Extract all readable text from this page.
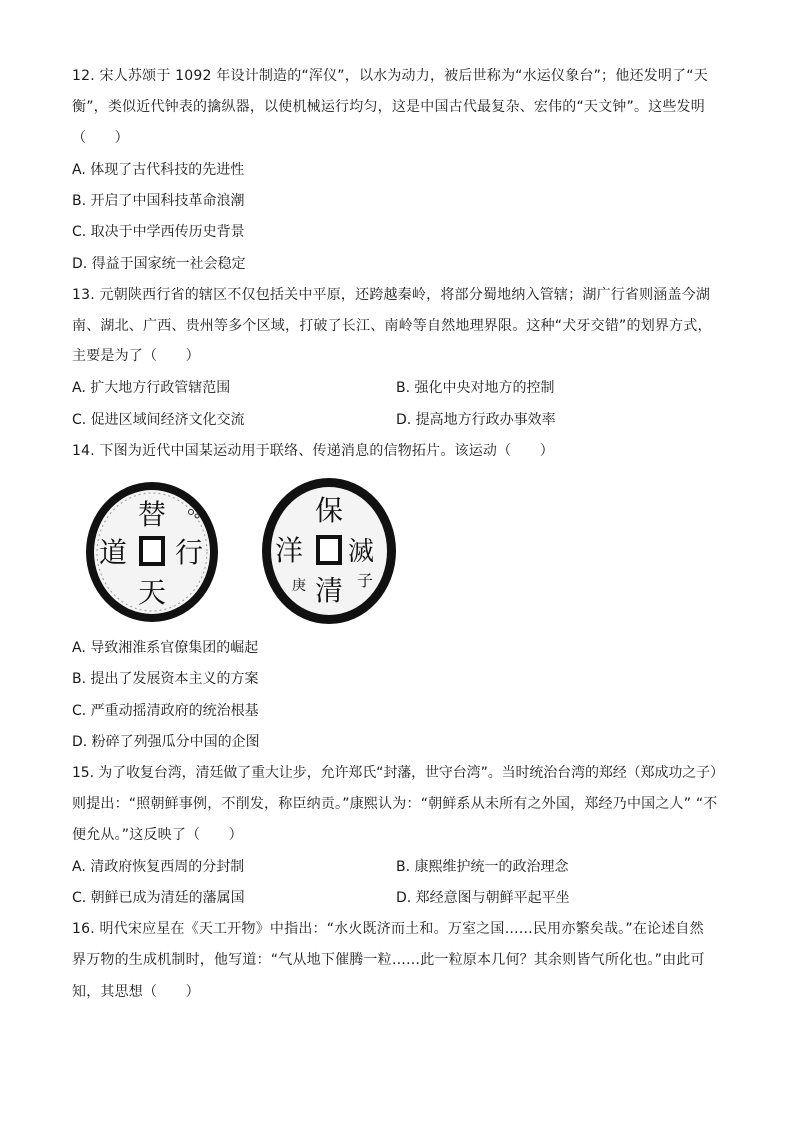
12. 宋人苏颂于 1092 年设计制造的“浑仪”，以水为动力，被后世称为“水运仪象台”；他还发明了“天
衡”，类似近代钟表的擒纵器，以使机械运行均匀，这是中国古代最复杂、宏伟的“天文钟”。这些发明
（　　）
A. 体现了古代科技的先进性
B. 开启了中国科技革命浪潮
C. 取决于中学西传历史背景
D. 得益于国家统一社会稳定
13. 元朝陕西行省的辖区不仅包括关中平原，还跨越秦岭，将部分蜀地纳入管辖；湖广行省则涵盖今湖
南、湖北、广西、贵州等多个区域，打破了长江、南岭等自然地理界限。这种“犬牙交错”的划界方式，
主要是为了（　　）
A. 扩大地方行政管辖范围	B. 强化中央对地方的控制
C. 促进区域间经济文化交流	D. 提高地方行政办事效率
14. 下图为近代中国某运动用于联络、传递消息的信物拓片。该运动（　　）
替
道 行
天
保
洋 滅
清
庚	子
A. 导致湘淮系官僚集团的崛起
B. 提出了发展资本主义的方案
C. 严重动摇清政府的统治根基
D. 粉碎了列强瓜分中国的企图
15. 为了收复台湾，清廷做了重大让步，允许郑氏“封藩，世守台湾”。当时统治台湾的郑经（郑成功之子）
则提出：“照朝鲜事例，不削发，称臣纳贡。”康熙认为：“朝鲜系从未所有之外国，郑经乃中国之人” “不
便允从。”这反映了（　　）
A. 清政府恢复西周的分封制	B. 康熙维护统一的政治理念
C. 朝鲜已成为清廷的藩属国	D. 郑经意图与朝鲜平起平坐
16. 明代宋应星在《天工开物》中指出：“水火既济而土和。万室之国……民用亦繁矣哉。”在论述自然
界万物的生成机制时，他写道：“气从地下催腾一粒……此一粒原本几何？其余则皆气所化也。”由此可
知，其思想（　　）
